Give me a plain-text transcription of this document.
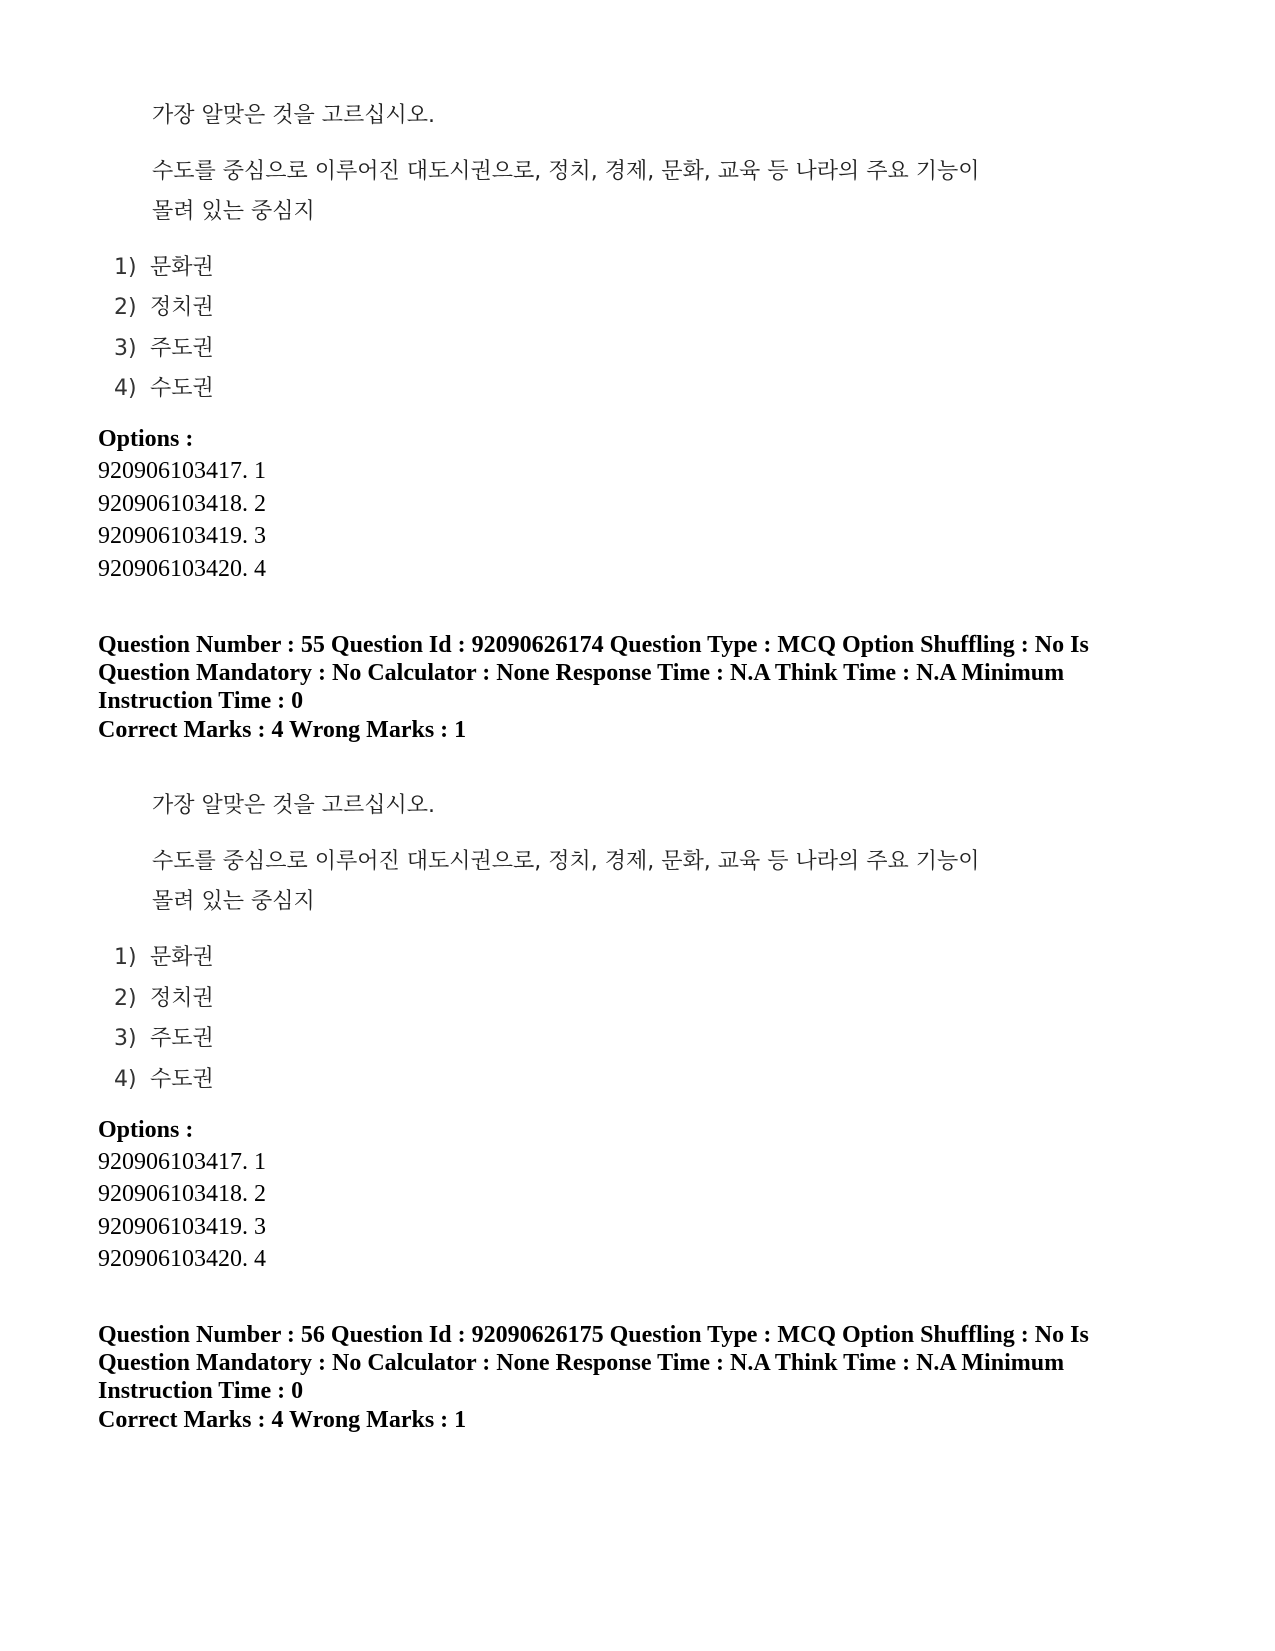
가장 알맞은 것을 고르십시오.
수도를 중심으로 이루어진 대도시권으로, 정치, 경제, 문화, 교육 등 나라의 주요 기능이
몰려 있는 중심지
1) 문화권
2) 정치권
3) 주도권
4) 수도권
Options :
920906103417. 1
920906103418. 2
920906103419. 3
920906103420. 4
Question Number : 55 Question Id : 92090626174 Question Type : MCQ Option Shuffling : No Is Question Mandatory : No Calculator : None Response Time : N.A Think Time : N.A Minimum Instruction Time : 0
Correct Marks : 4 Wrong Marks : 1
가장 알맞은 것을 고르십시오.
수도를 중심으로 이루어진 대도시권으로, 정치, 경제, 문화, 교육 등 나라의 주요 기능이
몰려 있는 중심지
1) 문화권
2) 정치권
3) 주도권
4) 수도권
Options :
920906103417. 1
920906103418. 2
920906103419. 3
920906103420. 4
Question Number : 56 Question Id : 92090626175 Question Type : MCQ Option Shuffling : No Is Question Mandatory : No Calculator : None Response Time : N.A Think Time : N.A Minimum Instruction Time : 0
Correct Marks : 4 Wrong Marks : 1
